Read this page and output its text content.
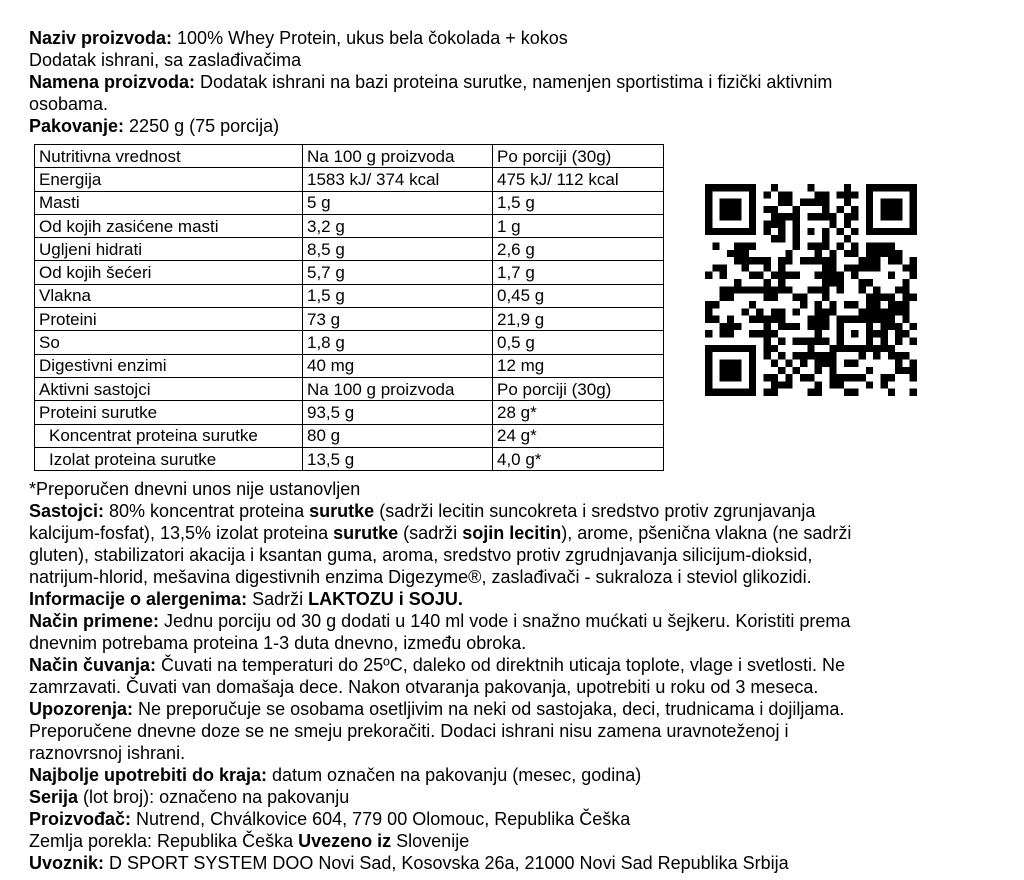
Naziv proizvoda: 100% Whey Protein, ukus bela čokolada + kokos
Dodatak ishrani, sa zaslađivačima
Namena proizvoda: Dodatak ishrani na bazi proteina surutke, namenjen sportistima i fizički aktivnim
osobama.
Pakovanje: 2250 g (75 porcija)
Nutritivna vrednost	Na 100 g proizvoda	Po porciji (30g)
Energija	1583 kJ/ 374 kcal	475 kJ/ 112 kcal
Masti	5 g	1,5 g
Od kojih zasićene masti	3,2 g	1 g
Ugljeni hidrati	8,5 g	2,6 g
Od kojih šećeri	5,7 g	1,7 g
Vlakna	1,5 g	0,45 g
Proteini	73 g	21,9 g
So	1,8 g	0,5 g
Digestivni enzimi	40 mg	12 mg
Aktivni sastojci	Na 100 g proizvoda	Po porciji (30g)
Proteini surutke	93,5 g	28 g*
Koncentrat proteina surutke	80 g	24 g*
Izolat proteina surutke	13,5 g	4,0 g*
*Preporučen dnevni unos nije ustanovljen
Sastojci: 80% koncentrat proteina surutke (sadrži lecitin suncokreta i sredstvo protiv zgrunjavanja
kalcijum-fosfat), 13,5% izolat proteina surutke (sadrži sojin lecitin), arome, pšenična vlakna (ne sadrži
gluten), stabilizatori akacija i ksantan guma, aroma, sredstvo protiv zgrudnjavanja silicijum-dioksid,
natrijum-hlorid, mešavina digestivnih enzima Digezyme®, zaslađivači - sukraloza i steviol glikozidi.
Informacije o alergenima: Sadrži LAKTOZU i SOJU.
Način primene: Jednu porciju od 30 g dodati u 140 ml vode i snažno mućkati u šejkeru. Koristiti prema
dnevnim potrebama proteina 1-3 duta dnevno, između obroka.
Način čuvanja: Čuvati na temperaturi do 25ºC, daleko od direktnih uticaja toplote, vlage i svetlosti. Ne
zamrzavati. Čuvati van domašaja dece. Nakon otvaranja pakovanja, upotrebiti u roku od 3 meseca.
Upozorenja: Ne preporučuje se osobama osetljivim na neki od sastojaka, deci, trudnicama i dojiljama.
Preporučene dnevne doze se ne smeju prekoračiti. Dodaci ishrani nisu zamena uravnoteženoj i
raznovrsnoj ishrani.
Najbolje upotrebiti do kraja: datum označen na pakovanju (mesec, godina)
Serija (lot broj): označeno na pakovanju
Proizvođač: Nutrend, Chválkovice 604, 779 00 Olomouc, Republika Češka
Zemlja porekla: Republika Češka Uvezeno iz Slovenije
Uvoznik: D SPORT SYSTEM DOO Novi Sad, Kosovska 26a, 21000 Novi Sad Republika Srbija
